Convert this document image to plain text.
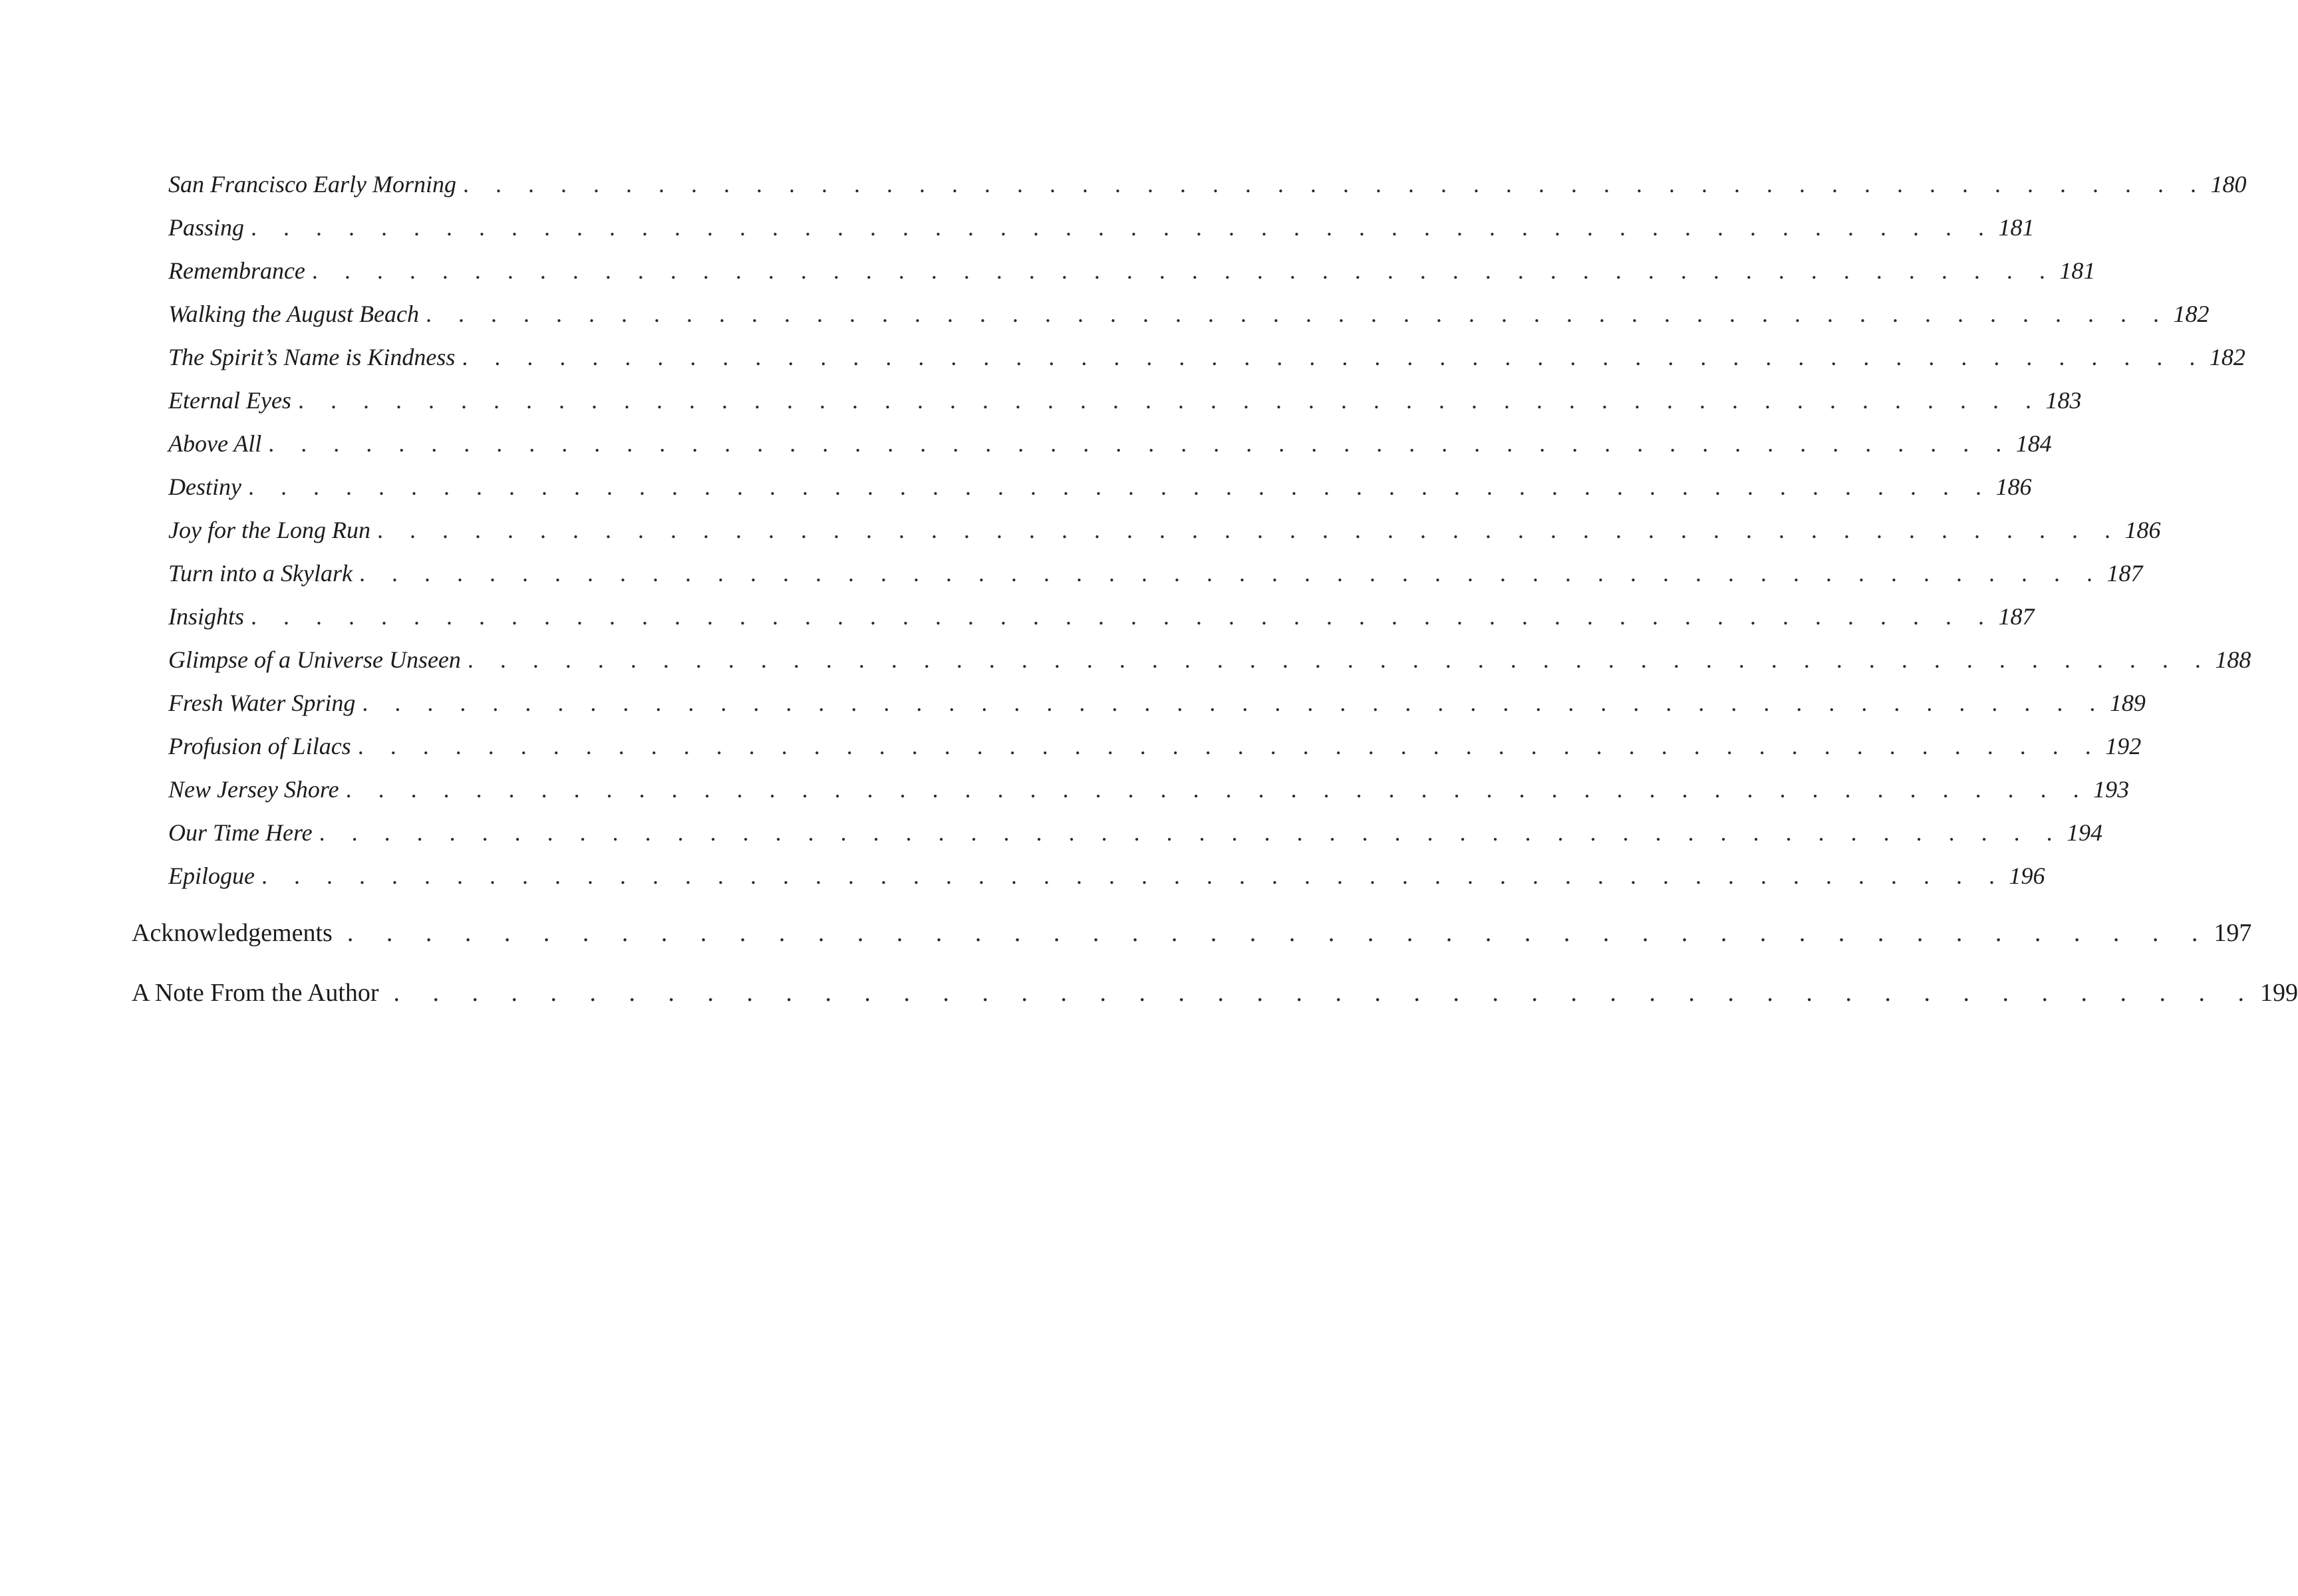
San Francisco Early Morning . . . . . . . . . . . . . . . . . . . . . . . . . . . . . . . . . . . . . . . . . . . . . . . . . . . . . . 180
Passing . . . . . . . . . . . . . . . . . . . . . . . . . . . . . . . . . . . . . . . . . . . . . . . . . . . . . . 181
Remembrance . . . . . . . . . . . . . . . . . . . . . . . . . . . . . . . . . . . . . . . . . . . . . . . . . . . . . . 181
Walking the August Beach . . . . . . . . . . . . . . . . . . . . . . . . . . . . . . . . . . . . . . . . . . . . . . . . . . . . . . 182
The Spirit’s Name is Kindness . . . . . . . . . . . . . . . . . . . . . . . . . . . . . . . . . . . . . . . . . . . . . . . . . . . . . . 182
Eternal Eyes . . . . . . . . . . . . . . . . . . . . . . . . . . . . . . . . . . . . . . . . . . . . . . . . . . . . . . 183
Above All . . . . . . . . . . . . . . . . . . . . . . . . . . . . . . . . . . . . . . . . . . . . . . . . . . . . . . 184
Destiny . . . . . . . . . . . . . . . . . . . . . . . . . . . . . . . . . . . . . . . . . . . . . . . . . . . . . . 186
Joy for the Long Run . . . . . . . . . . . . . . . . . . . . . . . . . . . . . . . . . . . . . . . . . . . . . . . . . . . . . . 186
Turn into a Skylark . . . . . . . . . . . . . . . . . . . . . . . . . . . . . . . . . . . . . . . . . . . . . . . . . . . . . . 187
Insights . . . . . . . . . . . . . . . . . . . . . . . . . . . . . . . . . . . . . . . . . . . . . . . . . . . . . . 187
Glimpse of a Universe Unseen . . . . . . . . . . . . . . . . . . . . . . . . . . . . . . . . . . . . . . . . . . . . . . . . . . . . . . 188
Fresh Water Spring . . . . . . . . . . . . . . . . . . . . . . . . . . . . . . . . . . . . . . . . . . . . . . . . . . . . . . 189
Profusion of Lilacs . . . . . . . . . . . . . . . . . . . . . . . . . . . . . . . . . . . . . . . . . . . . . . . . . . . . . . 192
New Jersey Shore . . . . . . . . . . . . . . . . . . . . . . . . . . . . . . . . . . . . . . . . . . . . . . . . . . . . . . 193
Our Time Here . . . . . . . . . . . . . . . . . . . . . . . . . . . . . . . . . . . . . . . . . . . . . . . . . . . . . . 194
Epilogue . . . . . . . . . . . . . . . . . . . . . . . . . . . . . . . . . . . . . . . . . . . . . . . . . . . . . . 196
Acknowledgements . . . . . . . . . . . . . . . . . . . . . . . . . . . . . . . . . . . . . . . . . . . . . . . . 197
A Note From the Author . . . . . . . . . . . . . . . . . . . . . . . . . . . . . . . . . . . . . . . . . . . . . . . . 199
